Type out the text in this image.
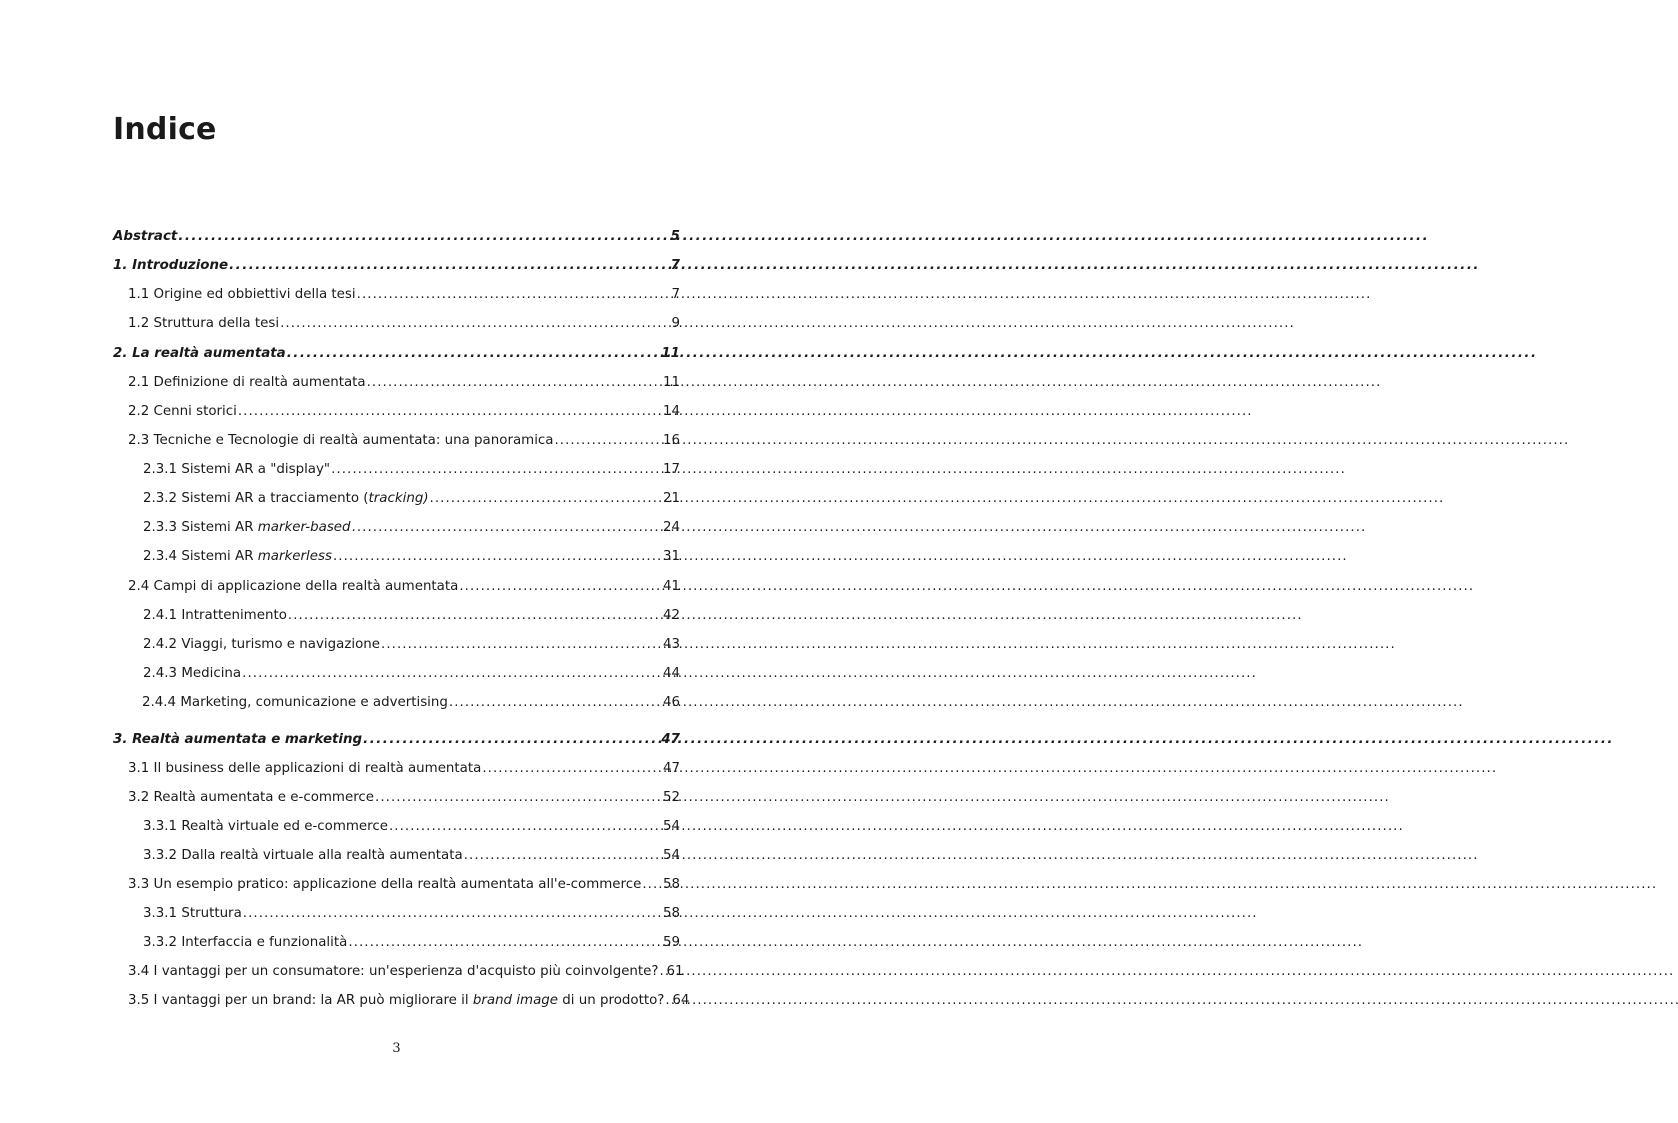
Indice
Abstract . . .	5
1. Introduzione . . .	7
1.1 Origine ed obbiettivi della tesi . . .	7
1.2 Struttura della tesi . . .	9
2. La realtà aumentata . . .	11
2.1 Definizione di realtà aumentata . . .	11
2.2 Cenni storici . . .	14
2.3 Tecniche e Tecnologie di realtà aumentata: una panoramica . . .	16
2.3.1 Sistemi AR a "display" . . .	17
2.3.2 Sistemi AR a tracciamento (tracking) . . .	21
2.3.3 Sistemi AR marker-based . . .	24
2.3.4 Sistemi AR markerless . . .	31
2.4 Campi di applicazione della realtà aumentata . . .	41
2.4.1 Intrattenimento . . .	42
2.4.2 Viaggi, turismo e navigazione . . .	43
2.4.3 Medicina . . .	44
2.4.4 Marketing, comunicazione e advertising . . .	46
3. Realtà aumentata e marketing . . .	47
3.1 Il business delle applicazioni di realtà aumentata . . .	47
3.2 Realtà aumentata e e-commerce . . .	52
3.3.1 Realtà virtuale ed e-commerce . . .	54
3.3.2 Dalla realtà virtuale alla realtà aumentata . . .	54
3.3 Un esempio pratico: applicazione della realtà aumentata all'e-commerce . . . 58
3.3.1 Struttura . . .	58
3.3.2 Interfaccia e funzionalità . . .	59
3.4 I vantaggi per un consumatore: un'esperienza d'acquisto più coinvolgente? . . . 61
3.5 I vantaggi per un brand: la AR può migliorare il brand image di un prodotto? . . . 64
3
